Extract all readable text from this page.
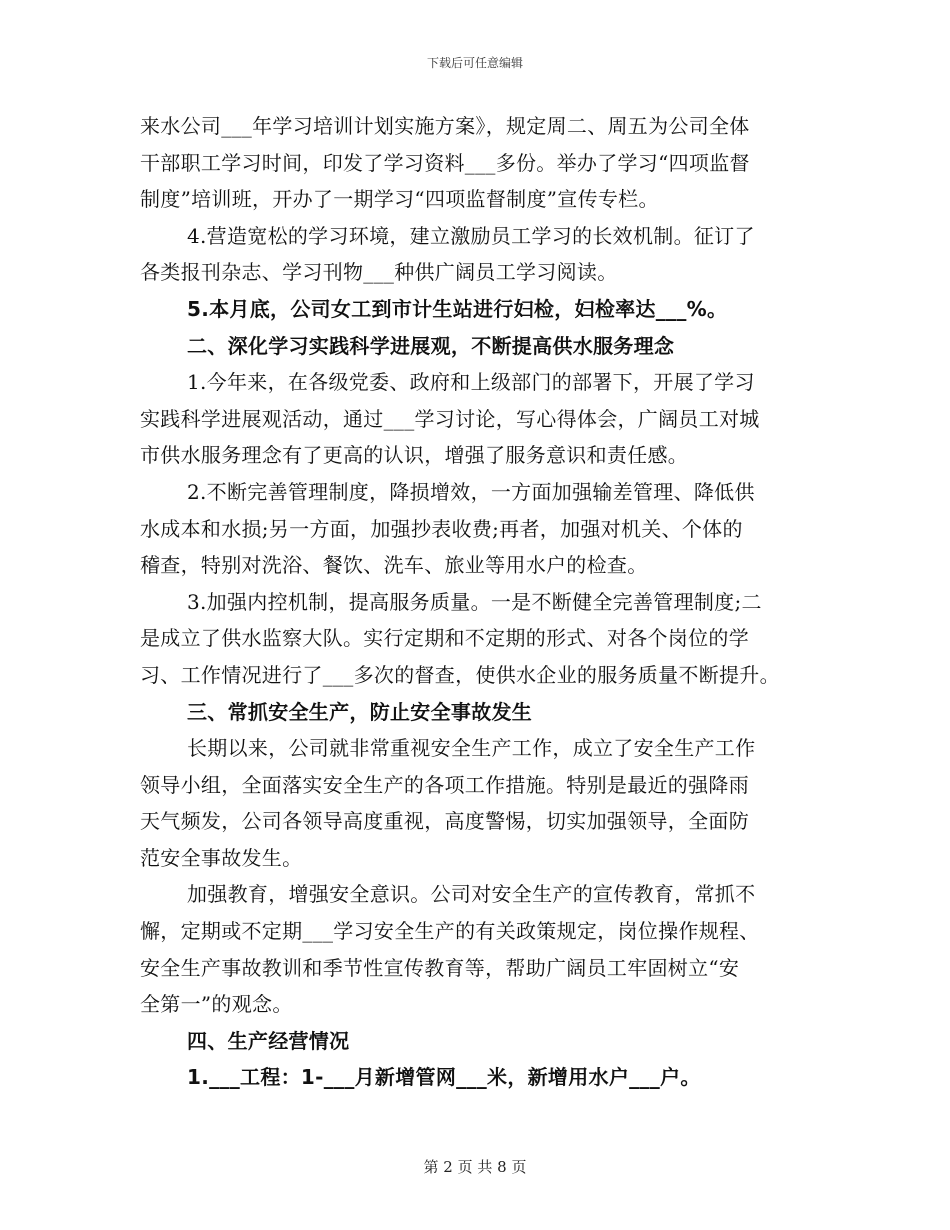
下载后可任意编辑
来水公司___年学习培训计划实施方案》，规定周二、周五为公司全体
干部职工学习时间，印发了学习资料___多份。举办了学习“四项监督
制度”培训班，开办了一期学习“四项监督制度”宣传专栏。
4.营造宽松的学习环境，建立激励员工学习的长效机制。征订了
各类报刊杂志、学习刊物___种供广阔员工学习阅读。
5.本月底，公司女工到市计生站进行妇检，妇检率达___%。
二、深化学习实践科学进展观，不断提高供水服务理念
1.今年来，在各级党委、政府和上级部门的部署下，开展了学习
实践科学进展观活动，通过___学习讨论，写心得体会，广阔员工对城
市供水服务理念有了更高的认识，增强了服务意识和责任感。
2.不断完善管理制度，降损增效，一方面加强输差管理、降低供
水成本和水损;另一方面，加强抄表收费;再者，加强对机关、个体的
稽查，特别对洗浴、餐饮、洗车、旅业等用水户的检查。
3.加强内控机制，提高服务质量。一是不断健全完善管理制度;二
是成立了供水监察大队。实行定期和不定期的形式、对各个岗位的学
习、工作情况进行了___多次的督查，使供水企业的服务质量不断提升。
三、常抓安全生产，防止安全事故发生
长期以来，公司就非常重视安全生产工作，成立了安全生产工作
领导小组，全面落实安全生产的各项工作措施。特别是最近的强降雨
天气频发，公司各领导高度重视，高度警惕，切实加强领导，全面防
范安全事故发生。
加强教育，增强安全意识。公司对安全生产的宣传教育，常抓不
懈，定期或不定期___学习安全生产的有关政策规定，岗位操作规程、
安全生产事故教训和季节性宣传教育等，帮助广阔员工牢固树立“安
全第一”的观念。
四、生产经营情况
1.___工程：1-___月新增管网___米，新增用水户___户。
第 2 页 共 8 页
